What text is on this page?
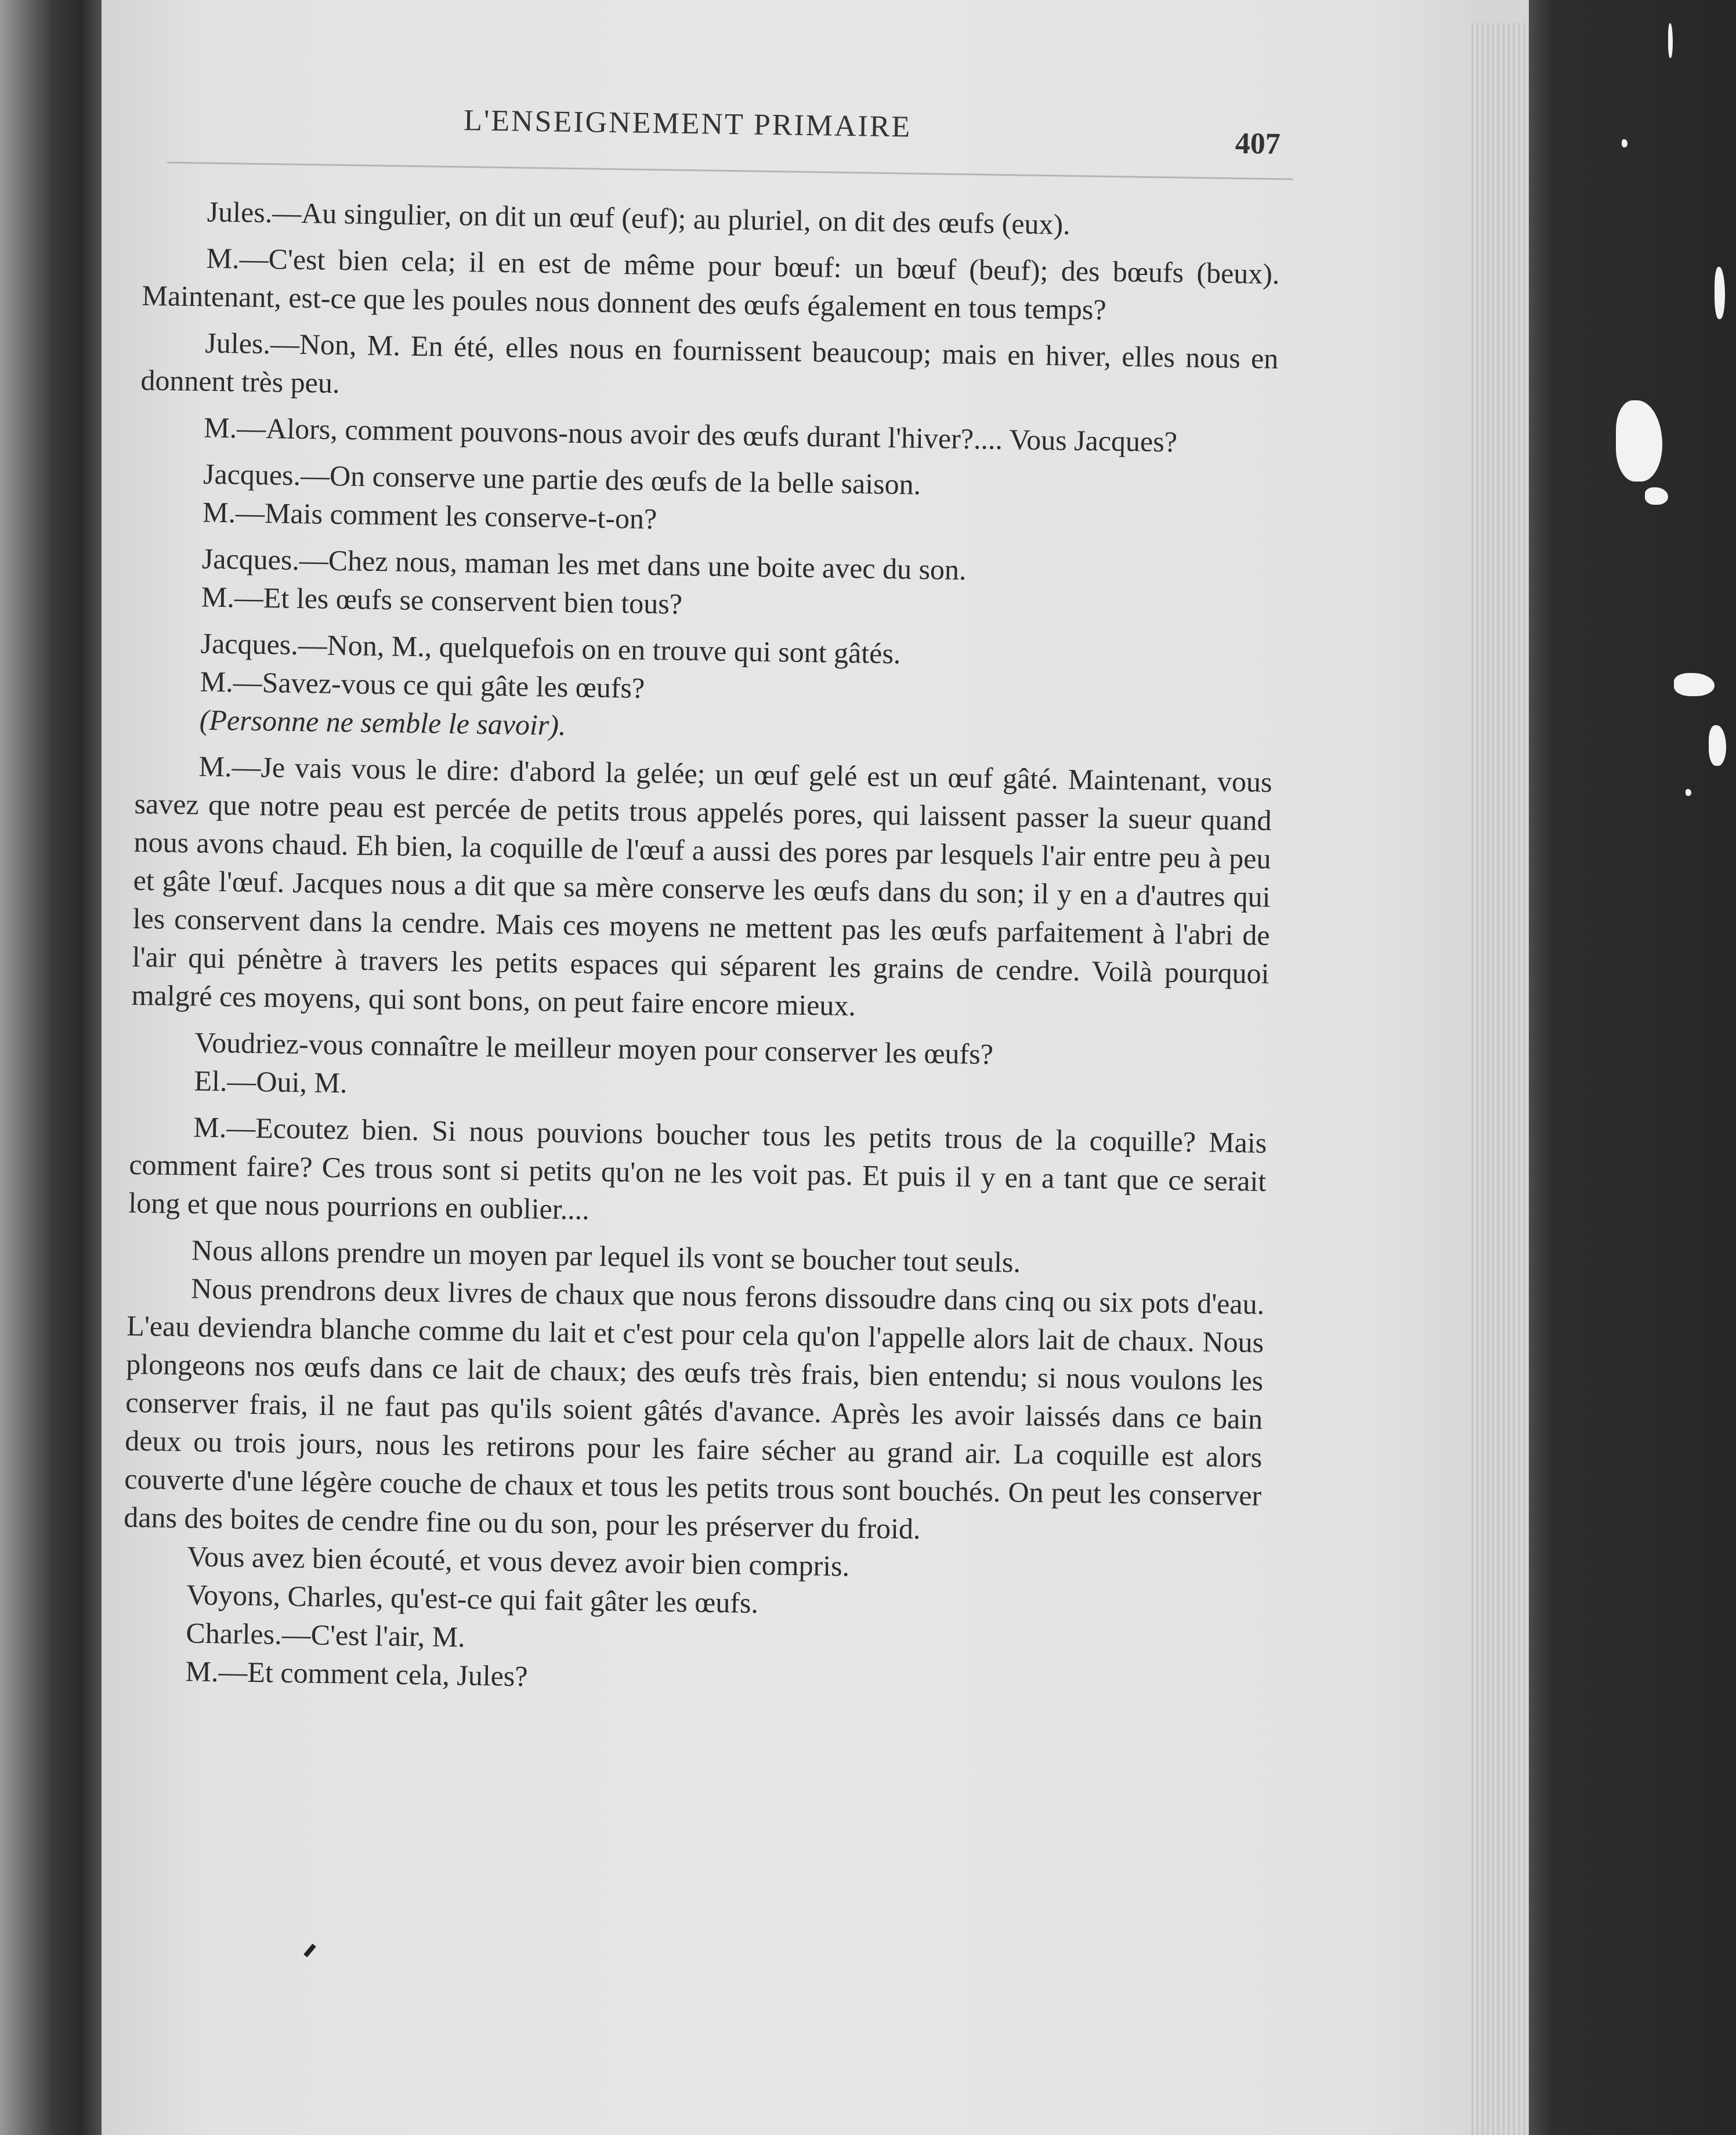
L'ENSEIGNEMENT PRIMAIRE
407

Jules.—Au singulier, on dit un œuf (euf); au pluriel, on dit des œufs (eux).

M.—C'est bien cela; il en est de même pour bœuf: un bœuf (beuf); des bœufs (beux). Maintenant, est-ce que les poules nous donnent des œufs également en tous temps?

Jules.—Non, M. En été, elles nous en fournissent beaucoup; mais en hiver, elles nous en donnent très peu.

M.—Alors, comment pouvons-nous avoir des œufs durant l'hiver?.... Vous Jacques?

Jacques.—On conserve une partie des œufs de la belle saison.

M.—Mais comment les conserve-t-on?

Jacques.—Chez nous, maman les met dans une boite avec du son.

M.—Et les œufs se conservent bien tous?

Jacques.—Non, M., quelquefois on en trouve qui sont gâtés.

M.—Savez-vous ce qui gâte les œufs?

(Personne ne semble le savoir).

M.—Je vais vous le dire: d'abord la gelée; un œuf gelé est un œuf gâté. Maintenant, vous savez que notre peau est percée de petits trous appelés pores, qui laissent passer la sueur quand nous avons chaud. Eh bien, la coquille de l'œuf a aussi des pores par lesquels l'air entre peu à peu et gâte l'œuf. Jacques nous a dit que sa mère conserve les œufs dans du son; il y en a d'autres qui les conservent dans la cendre. Mais ces moyens ne mettent pas les œufs parfaitement à l'abri de l'air qui pénètre à travers les petits espaces qui séparent les grains de cendre. Voilà pourquoi malgré ces moyens, qui sont bons, on peut faire encore mieux.

Voudriez-vous connaître le meilleur moyen pour conserver les œufs?

El.—Oui, M.

M.—Ecoutez bien. Si nous pouvions boucher tous les petits trous de la coquille? Mais comment faire? Ces trous sont si petits qu'on ne les voit pas. Et puis il y en a tant que ce serait long et que nous pourrions en oublier....

Nous allons prendre un moyen par lequel ils vont se boucher tout seuls.

Nous prendrons deux livres de chaux que nous ferons dissoudre dans cinq ou six pots d'eau. L'eau deviendra blanche comme du lait et c'est pour cela qu'on l'appelle alors lait de chaux. Nous plongeons nos œufs dans ce lait de chaux; des œufs très frais, bien entendu; si nous voulons les conserver frais, il ne faut pas qu'ils soient gâtés d'avance. Après les avoir laissés dans ce bain deux ou trois jours, nous les retirons pour les faire sécher au grand air. La coquille est alors couverte d'une légère couche de chaux et tous les petits trous sont bouchés. On peut les conserver dans des boites de cendre fine ou du son, pour les préserver du froid.

Vous avez bien écouté, et vous devez avoir bien compris.

Voyons, Charles, qu'est-ce qui fait gâter les œufs.

Charles.—C'est l'air, M.

M.—Et comment cela, Jules?
